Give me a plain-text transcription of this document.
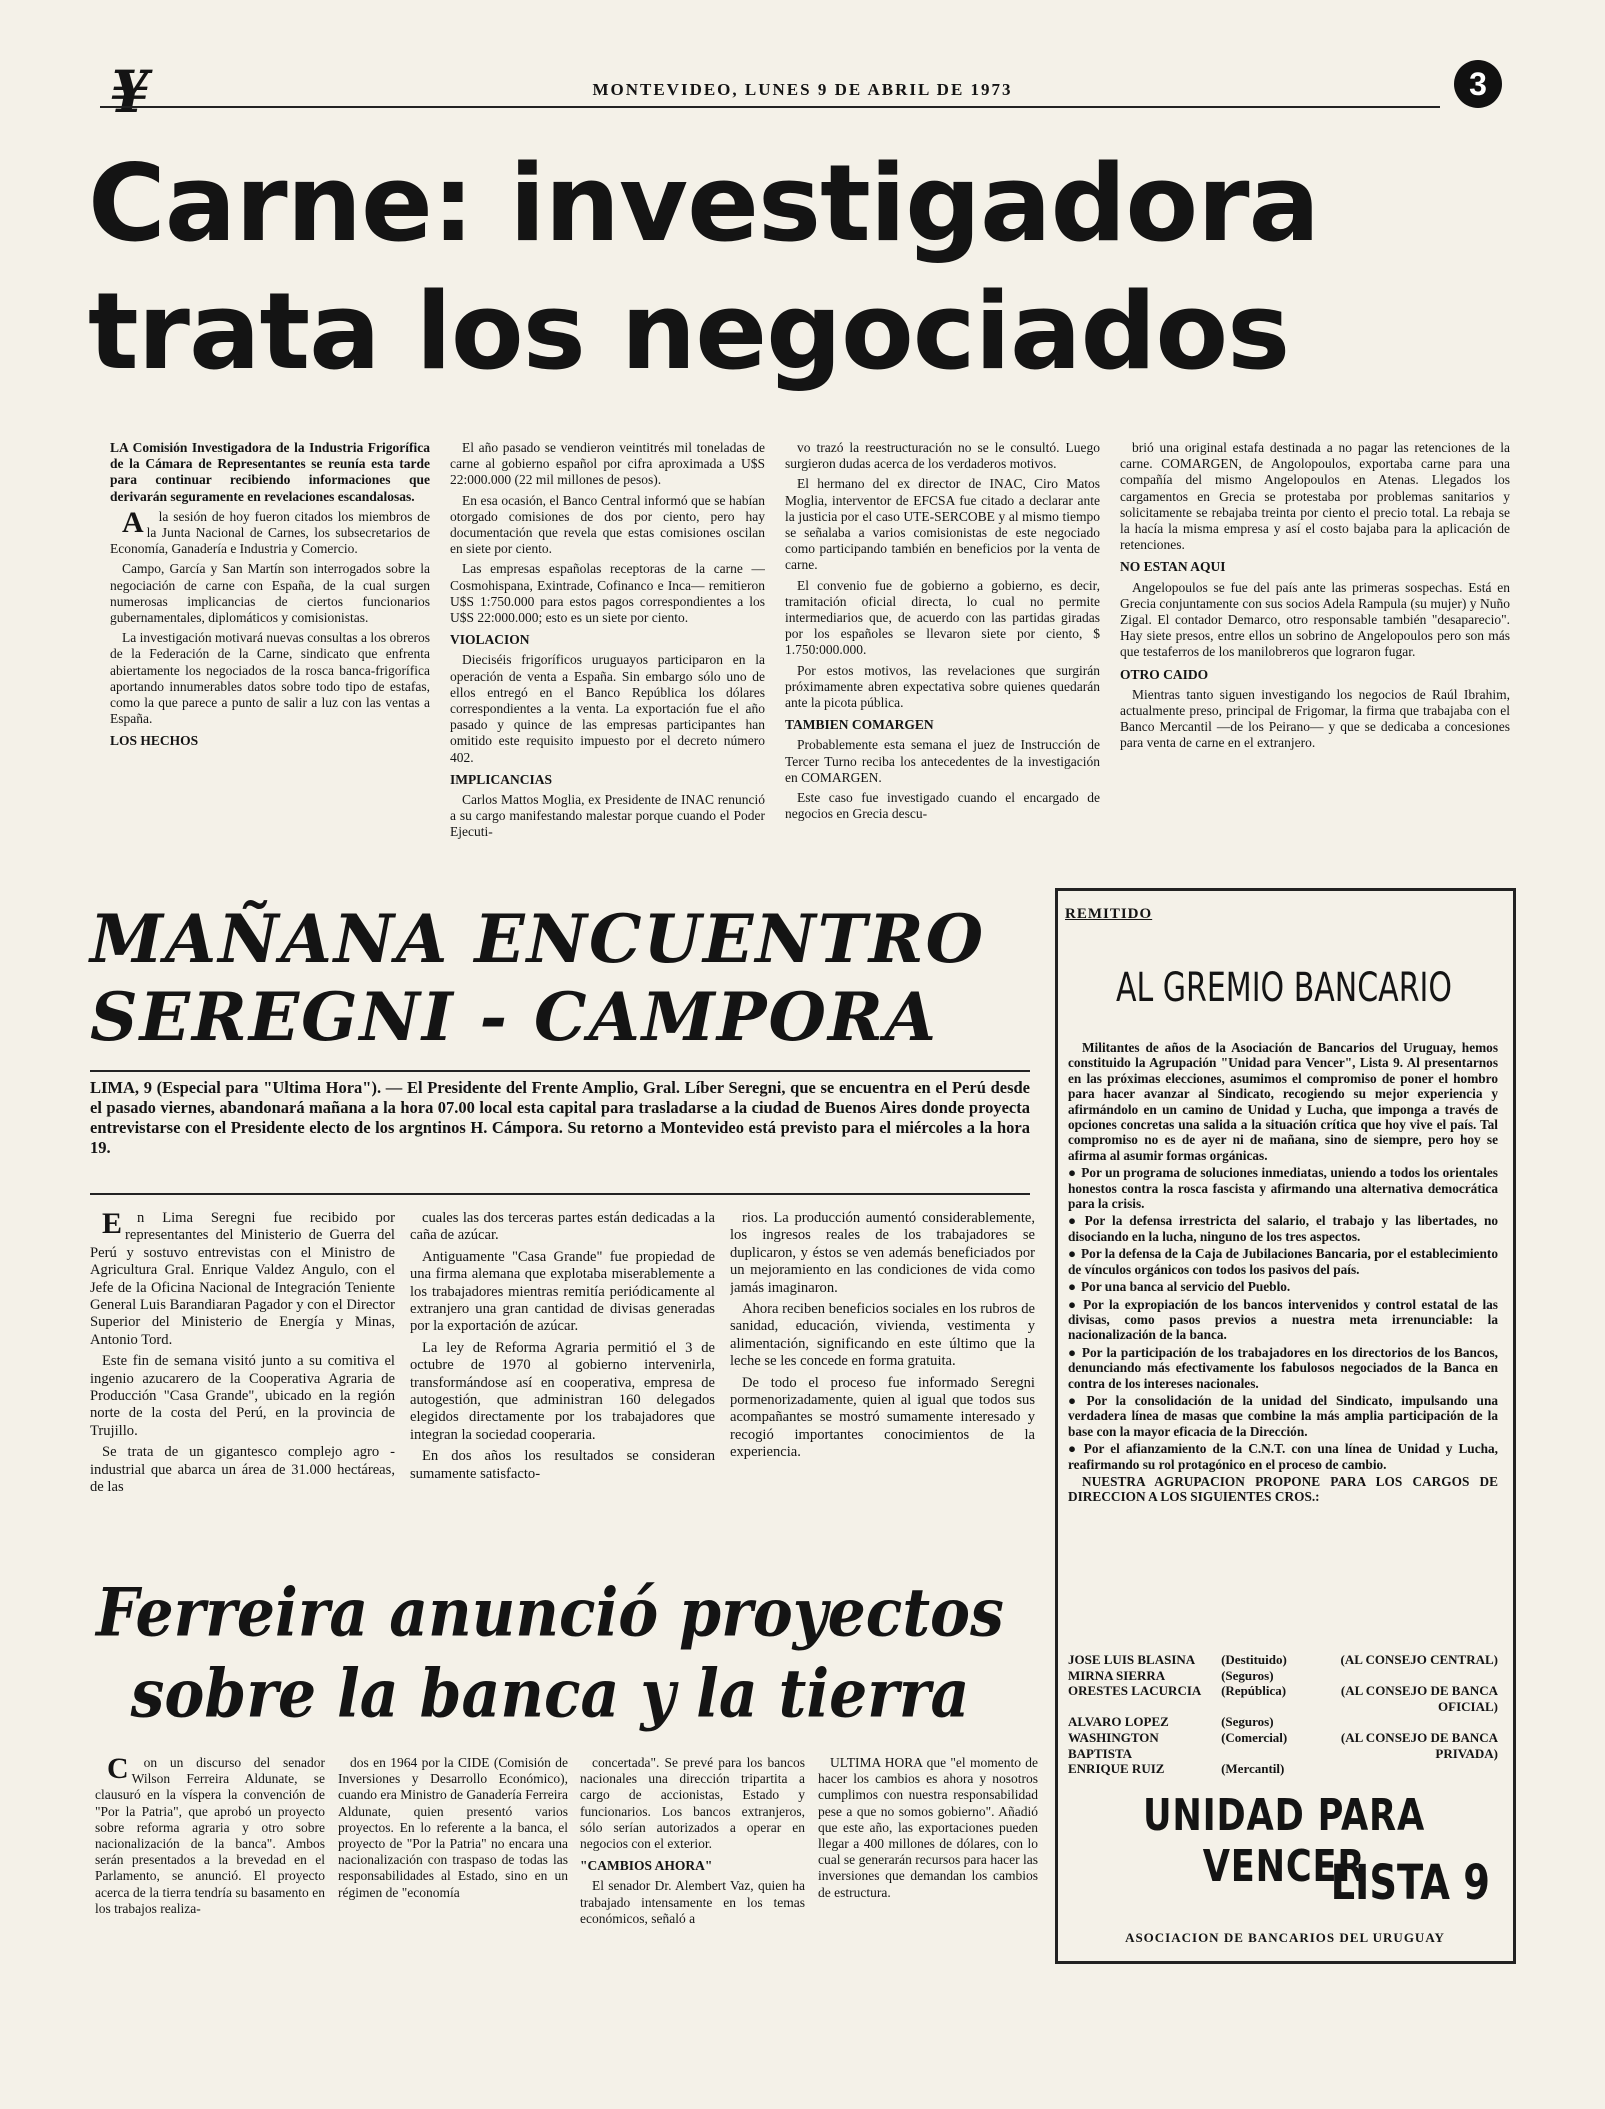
¥	MONTEVIDEO, LUNES 9 DE ABRIL DE 1973	3
Carne: investigadora
trata los negociados

LA Comisión Investigadora de la Industria Frigorífica de la Cámara de Representantes se reunía esta tarde para continuar recibiendo informaciones que derivarán seguramente en revelaciones escandalosas.

Ala sesión de hoy fueron citados los miembros de la Junta Nacional de Carnes, los subsecretarios de Economía, Ganadería e Industria y Comercio.

Campo, García y San Martín son interrogados sobre la negociación de carne con España, de la cual surgen numerosas implicancias de ciertos funcionarios gubernamentales, diplomáticos y comisionistas.

La investigación motivará nuevas consultas a los obreros de la Federación de la Carne, sindicato que enfrenta abiertamente los negociados de la rosca banca-frigorífica aportando innumerables datos sobre todo tipo de estafas, como la que parece a punto de salir a luz con las ventas a España.

LOS HECHOS

El año pasado se vendieron veintitrés mil toneladas de carne al gobierno español por cifra aproximada a U$S 22:000.000 (22 mil millones de pesos).

En esa ocasión, el Banco Central informó que se habían otorgado comisiones de dos por ciento, pero hay documentación que revela que estas comisiones oscilan en siete por ciento.

Las empresas españolas receptoras de la carne —Cosmohispana, Exintrade, Cofinanco e Inca— remitieron U$S 1:750.000 para estos pagos correspondientes a los U$S 22:000.000; esto es un siete por ciento.

VIOLACION

Dieciséis frigoríficos uruguayos participaron en la operación de venta a España. Sin embargo sólo uno de ellos entregó en el Banco República los dólares correspondientes a la venta. La exportación fue el año pasado y quince de las empresas participantes han omitido este requisito impuesto por el decreto número 402.

IMPLICANCIAS

Carlos Mattos Moglia, ex Presidente de INAC renunció a su cargo manifestando malestar porque cuando el Poder Ejecuti-

vo trazó la reestructuración no se le consultó. Luego surgieron dudas acerca de los verdaderos motivos.

El hermano del ex director de INAC, Ciro Matos Moglia, interventor de EFCSA fue citado a declarar ante la justicia por el caso UTE-SERCOBE y al mismo tiempo se señalaba a varios comisionistas de este negociado como participando también en beneficios por la venta de carne.

El convenio fue de gobierno a gobierno, es decir, tramitación oficial directa, lo cual no permite intermediarios que, de acuerdo con las partidas giradas por los españoles se llevaron siete por ciento, $ 1.750:000.000.

Por estos motivos, las revelaciones que surgirán próximamente abren expectativa sobre quienes quedarán ante la picota pública.

TAMBIEN COMARGEN

Probablemente esta semana el juez de Instrucción de Tercer Turno reciba los antecedentes de la investigación en COMARGEN.

Este caso fue investigado cuando el encargado de negocios en Grecia descu-

brió una original estafa destinada a no pagar las retenciones de la carne. COMARGEN, de Angolopoulos, exportaba carne para una compañía del mismo Angelopoulos en Atenas. Llegados los cargamentos en Grecia se protestaba por problemas sanitarios y solicitamente se rebajaba treinta por ciento el precio total. La rebaja se la hacía la misma empresa y así el costo bajaba para la aplicación de retenciones.

NO ESTAN AQUI

Angelopoulos se fue del país ante las primeras sospechas. Está en Grecia conjuntamente con sus socios Adela Rampula (su mujer) y Nuño Zigal. El contador Demarco, otro responsable también "desaparecio". Hay siete presos, entre ellos un sobrino de Angelopoulos pero son más que testaferros de los manilobreros que lograron fugar.

OTRO CAIDO

Mientras tanto siguen investigando los negocios de Raúl Ibrahim, actualmente preso, principal de Frigomar, la firma que trabajaba con el Banco Mercantil —de los Peirano— y que se dedicaba a concesiones para venta de carne en el extranjero.

MAÑANA ENCUENTRO
SEREGNI - CAMPORA
LIMA, 9 (Especial para "Ultima Hora"). — El Presidente del Frente Amplio, Gral. Líber Seregni, que se encuentra en el Perú desde el pasado viernes, abandonará mañana a la hora 07.00 local esta capital para trasladarse a la ciudad de Buenos Aires donde proyecta entrevistarse con el Presidente electo de los argntinos H. Cámpora. Su retorno a Montevideo está previsto para el miércoles a la hora 19.

En Lima Seregni fue recibido por representantes del Ministerio de Guerra del Perú y sostuvo entrevistas con el Ministro de Agricultura Gral. Enrique Valdez Angulo, con el Jefe de la Oficina Nacional de Integración Teniente General Luis Barandiaran Pagador y con el Director Superior del Ministerio de Energía y Minas, Antonio Tord.

Este fin de semana visitó junto a su comitiva el ingenio azucarero de la Cooperativa Agraria de Producción "Casa Grande", ubicado en la región norte de la costa del Perú, en la provincia de Trujillo.

Se trata de un gigantesco complejo agro - industrial que abarca un área de 31.000 hectáreas, de las

cuales las dos terceras partes están dedicadas a la caña de azúcar.

Antiguamente "Casa Grande" fue propiedad de una firma alemana que explotaba miserablemente a los trabajadores mientras remitía periódicamente al extranjero una gran cantidad de divisas generadas por la exportación de azúcar.

La ley de Reforma Agraria permitió el 3 de octubre de 1970 al gobierno intervenirla, transformándose así en cooperativa, empresa de autogestión, que administran 160 delegados elegidos directamente por los trabajadores que integran la sociedad cooperaria.

En dos años los resultados se consideran sumamente satisfacto-

rios. La producción aumentó considerablemente, los ingresos reales de los trabajadores se duplicaron, y éstos se ven además beneficiados por un mejoramiento en las condiciones de vida como jamás imaginaron.

Ahora reciben beneficios sociales en los rubros de sanidad, educación, vivienda, vestimenta y alimentación, significando en este último que la leche se les concede en forma gratuita.

De todo el proceso fue informado Seregni pormenorizadamente, quien al igual que todos sus acompañantes se mostró sumamente interesado y recogió importantes conocimientos de la experiencia.

Ferreira anunció proyectos
sobre la banca y la tierra

Con un discurso del senador Wilson Ferreira Aldunate, se clausuró en la víspera la convención de "Por la Patria", que aprobó un proyecto sobre reforma agraria y otro sobre nacionalización de la banca". Ambos serán presentados a la brevedad en el Parlamento, se anunció. El proyecto acerca de la tierra tendría su basamento en los trabajos realiza-

dos en 1964 por la CIDE (Comisión de Inversiones y Desarrollo Económico), cuando era Ministro de Ganadería Ferreira Aldunate, quien presentó varios proyectos. En lo referente a la banca, el proyecto de "Por la Patria" no encara una nacionalización con traspaso de todas las responsabilidades al Estado, sino en un régimen de "economía

concertada". Se prevé para los bancos nacionales una dirección tripartita a cargo de accionistas, Estado y funcionarios. Los bancos extranjeros, sólo serían autorizados a operar en negocios con el exterior.

"CAMBIOS AHORA"

El senador Dr. Alembert Vaz, quien ha trabajado intensamente en los temas económicos, señaló a

ULTIMA HORA que "el momento de hacer los cambios es ahora y nosotros cumplimos con nuestra responsabilidad pese a que no somos gobierno". Añadió que este año, las exportaciones pueden llegar a 400 millones de dólares, con lo cual se generarán recursos para hacer las inversiones que demandan los cambios de estructura.

REMITIDO
AL GREMIO BANCARIO

Militantes de años de la Asociación de Bancarios del Uruguay, hemos constituido la Agrupación "Unidad para Vencer", Lista 9. Al presentarnos en las próximas elecciones, asumimos el compromiso de poner el hombro para hacer avanzar al Sindicato, recogiendo su mejor experiencia y afirmándolo en un camino de Unidad y Lucha, que imponga a través de opciones concretas una salida a la situación crítica que hoy vive el país. Tal compromiso no es de ayer ni de mañana, sino de siempre, pero hoy se afirma al asumir formas orgánicas.

● Por un programa de soluciones inmediatas, uniendo a todos los orientales honestos contra la rosca fascista y afirmando una alternativa democrática para la crisis.

● Por la defensa irrestricta del salario, el trabajo y las libertades, no disociando en la lucha, ninguno de los tres aspectos.

● Por la defensa de la Caja de Jubilaciones Bancaria, por el establecimiento de vínculos orgánicos con todos los pasivos del país.

● Por una banca al servicio del Pueblo.

● Por la expropiación de los bancos intervenidos y control estatal de las divisas, como pasos previos a nuestra meta irrenunciable: la nacionalización de la banca.

● Por la participación de los trabajadores en los directorios de los Bancos, denunciando más efectivamente los fabulosos negociados de la Banca en contra de los intereses nacionales.

● Por la consolidación de la unidad del Sindicato, impulsando una verdadera línea de masas que combine la más amplia participación de la base con la mayor eficacia de la Dirección.

● Por el afianzamiento de la C.N.T. con una línea de Unidad y Lucha, reafirmando su rol protagónico en el proceso de cambio.

NUESTRA AGRUPACION PROPONE PARA LOS CARGOS DE DIRECCION A LOS SIGUIENTES CROS.:

JOSE LUIS BLASINA	(Destituido)	(AL CONSEJO CENTRAL)
MIRNA SIERRA	(Seguros)	
ORESTES LACURCIA	(República)	(AL CONSEJO DE BANCA OFICIAL)
ALVARO LOPEZ	(Seguros)	
WASHINGTON BAPTISTA	(Comercial)	(AL CONSEJO DE BANCA PRIVADA)
ENRIQUE RUIZ	(Mercantil)	
UNIDAD PARA VENCER
LISTA 9
ASOCIACION DE BANCARIOS DEL URUGUAY
